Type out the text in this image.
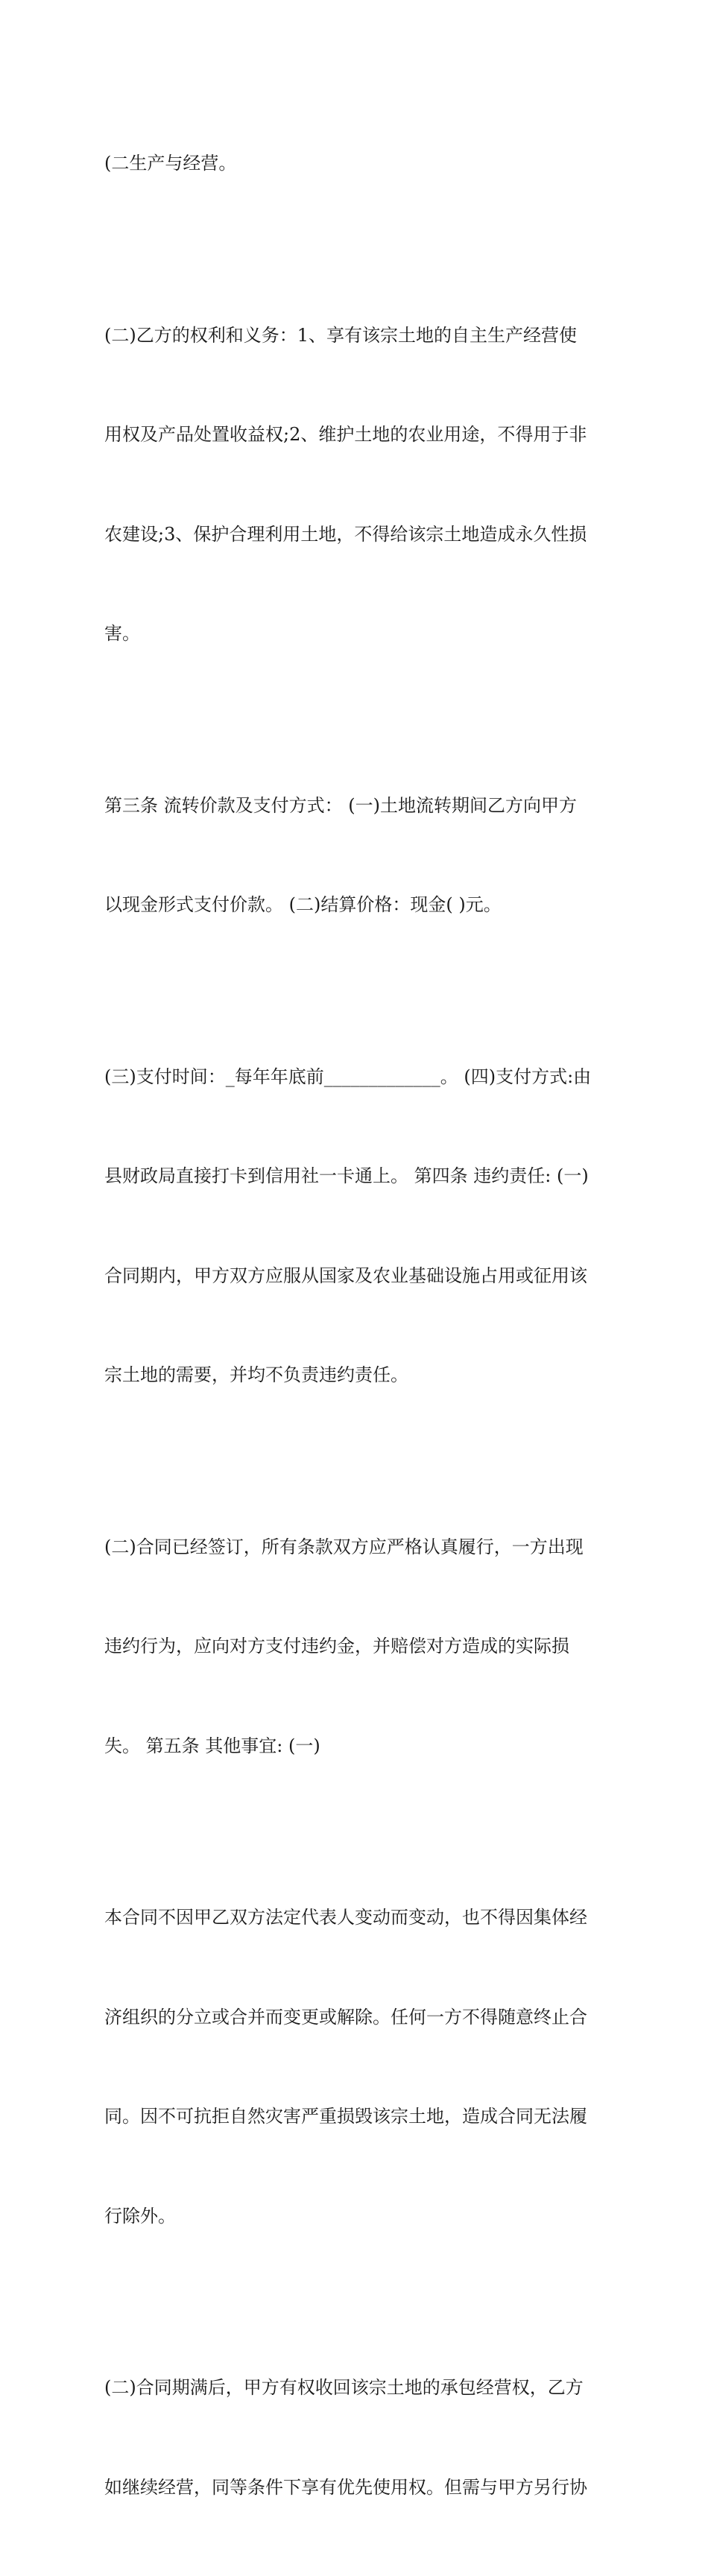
(二生产与经营。

(二)乙方的权利和义务：1、享有该宗土地的自主生产经营使

用权及产品处置收益权;2、维护土地的农业用途，不得用于非

农建设;3、保护合理利用土地，不得给该宗土地造成永久性损

害。

第三条 流转价款及支付方式： (一)土地流转期间乙方向甲方

以现金形式支付价款。 (二)结算价格：现金( )元。

(三)支付时间：_每年年底前_____________。 (四)支付方式:由

县财政局直接打卡到信用社一卡通上。 第四条 违约责任: (一)

合同期内，甲方双方应服从国家及农业基础设施占用或征用该

宗土地的需要，并均不负责违约责任。

(二)合同已经签订，所有条款双方应严格认真履行，一方出现

违约行为，应向对方支付违约金，并赔偿对方造成的实际损

失。 第五条 其他事宜: (一)

本合同不因甲乙双方法定代表人变动而变动，也不得因集体经

济组织的分立或合并而变更或解除。任何一方不得随意终止合

同。因不可抗拒自然灾害严重损毁该宗土地，造成合同无法履

行除外。

(二)合同期满后，甲方有权收回该宗土地的承包经营权，乙方

如继续经营，同等条件下享有优先使用权。但需与甲方另行协
